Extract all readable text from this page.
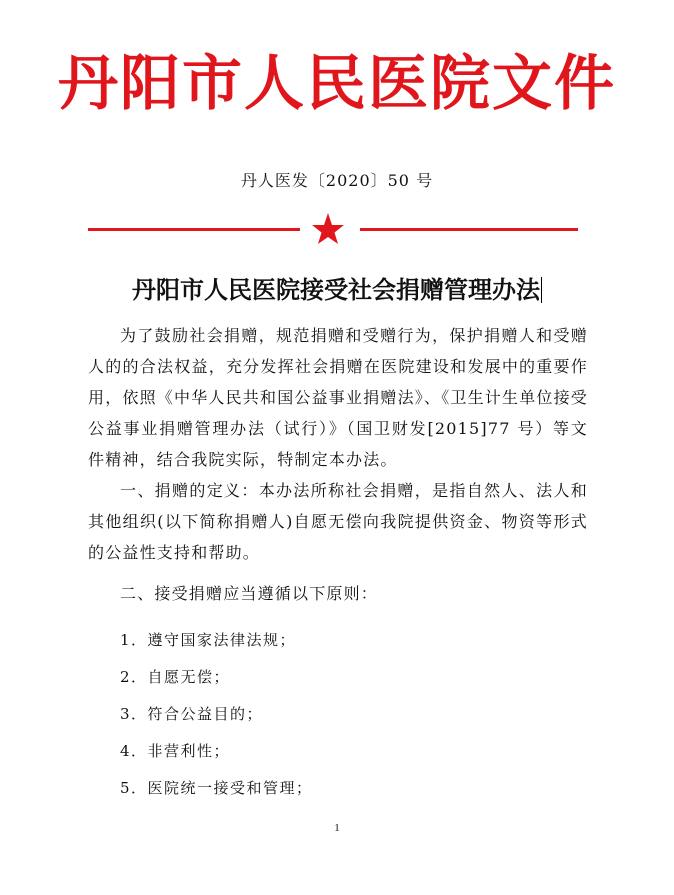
丹阳市人民医院文件
丹人医发〔2020〕50 号
丹阳市人民医院接受社会捐赠管理办法

为了鼓励社会捐赠，规范捐赠和受赠行为，保护捐赠人和受赠人的的合法权益，充分发挥社会捐赠在医院建设和发展中的重要作用，依照《中华人民共和国公益事业捐赠法》、《卫生计生单位接受公益事业捐赠管理办法（试行）》（国卫财发[2015]77 号）等文件精神，结合我院实际，特制定本办法。

一、捐赠的定义：本办法所称社会捐赠，是指自然人、法人和其他组织(以下简称捐赠人)自愿无偿向我院提供资金、物资等形式的公益性支持和帮助。

二、接受捐赠应当遵循以下原则：

1．遵守国家法律法规；
2．自愿无偿；
3．符合公益目的；
4．非营利性；
5．医院统一接受和管理；
1
